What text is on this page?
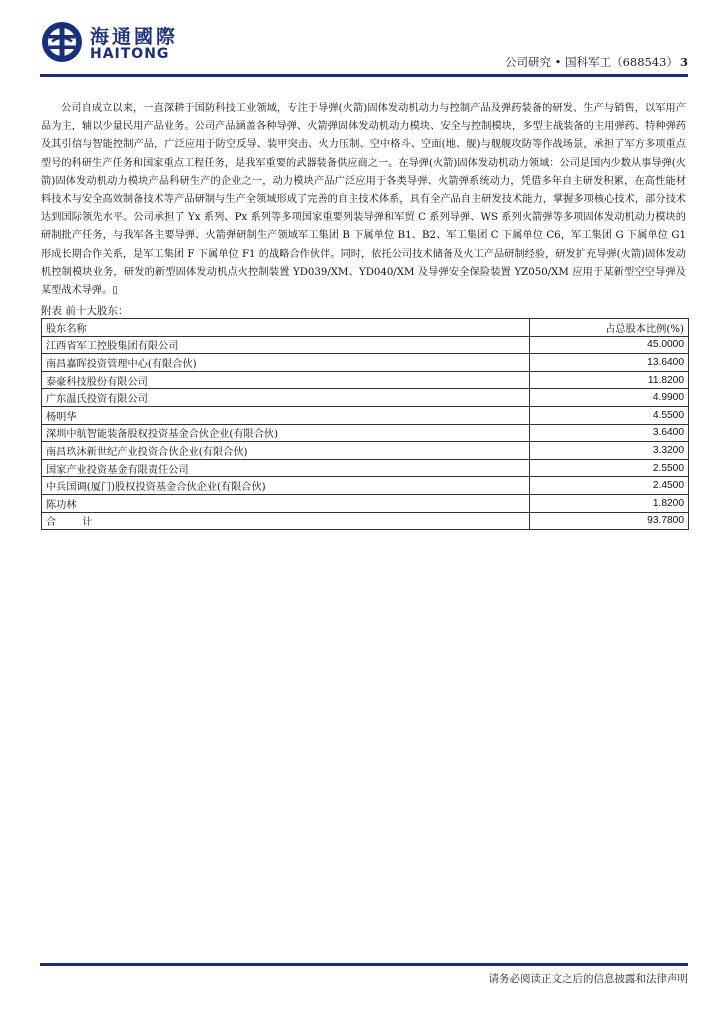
海通國際
HAITONG	公司研究 • 国科军工（688543） 3

公司自成立以来，一直深耕于国防科技工业领域，专注于导弹(火箭)固体发动机动力与控制产品及弹药装备的研发、生产与销售，以军用产品为主，辅以少量民用产品业务。公司产品涵盖各种导弹、火箭弹固体发动机动力模块、安全与控制模块，多型主战装备的主用弹药、特种弹药及其引信与智能控制产品，广泛应用于防空反导、装甲突击、火力压制、空中格斗、空面(地、舰)与舰舰攻防等作战场景，承担了军方多项重点型号的科研生产任务和国家重点工程任务，是我军重要的武器装备供应商之一。在导弹(火箭)固体发动机动力领域：公司是国内少数从事导弹(火箭)固体发动机动力模块产品科研生产的企业之一，动力模块产品广泛应用于各类导弹、火箭弹系统动力，凭借多年自主研发积累，在高性能材料技术与安全高效制备技术等产品研制与生产全领域形成了完善的自主技术体系，具有全产品自主研发技术能力，掌握多项核心技术，部分技术达到国际领先水平。公司承担了 Yx 系列、Px 系列等多项国家重要列装导弹和军贸 C 系列导弹、WS 系列火箭弹等多项固体发动机动力模块的研制批产任务，与我军各主要导弹、火箭弹研制生产领域军工集团 B 下属单位 B1、B2、军工集团 C 下属单位 C6，军工集团 G 下属单位 G1 形成长期合作关系，是军工集团 F 下属单位 F1 的战略合作伙伴。同时，依托公司技术储备及火工产品研制经验，研发扩充导弹(火箭)固体发动机控制模块业务，研发的新型固体发动机点火控制装置 YD039/XM、YD040/XM 及导弹安全保险装置 YZ050/XM 应用于某新型空空导弹及某型战术导弹。▯

附表 前十大股东：
股东名称	占总股本比例(%)
江西省军工控股集团有限公司	45.0000
南昌嘉晖投资管理中心(有限合伙)	13.6400
泰豪科技股份有限公司	11.8200
广东温氏投资有限公司	4.9900
杨明华	4.5500
深圳中航智能装备股权投资基金合伙企业(有限合伙)	3.6400
南昌玖沐新世纪产业投资合伙企业(有限合伙)	3.3200
国家产业投资基金有限责任公司	2.5500
中兵国调(厦门)股权投资基金合伙企业(有限合伙)	2.4500
陈功林	1.8200
合计	93.7800
请务必阅读正文之后的信息披露和法律声明
